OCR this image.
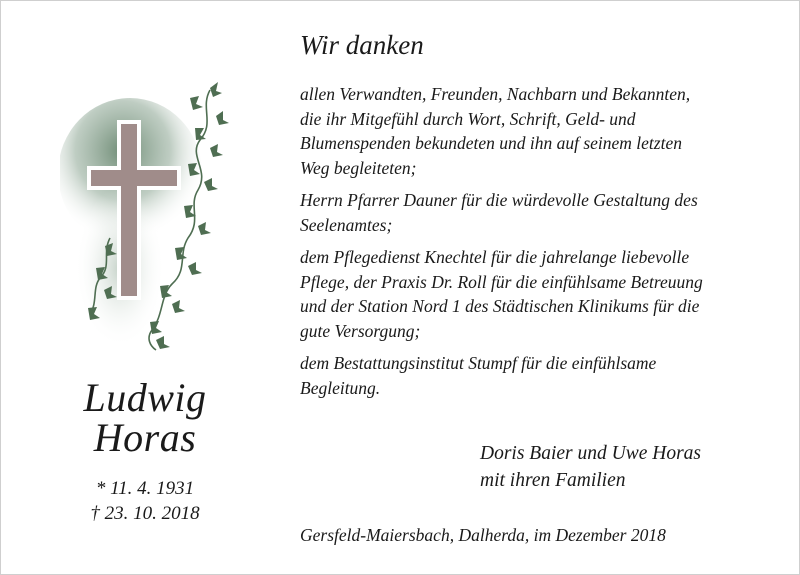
Ludwig
Horas
* 11. 4. 1931
† 23. 10. 2018
Wir danken

allen Verwandten, Freunden, Nachbarn und Bekannten,
die ihr Mitgefühl durch Wort, Schrift, Geld- und
Blumenspenden bekundeten und ihn auf seinem letzten
Weg begleiteten;

Herrn Pfarrer Dauner für die würdevolle Gestaltung des
Seelenamtes;

dem Pflegedienst Knechtel für die jahrelange liebevolle
Pflege, der Praxis Dr. Roll für die einfühlsame Betreuung
und der Station Nord 1 des Städtischen Klinikums für die
gute Versorgung;

dem Bestattungsinstitut Stumpf für die einfühlsame
Begleitung.

Doris Baier und Uwe Horas
mit ihren Familien
Gersfeld-Maiersbach, Dalherda, im Dezember 2018
